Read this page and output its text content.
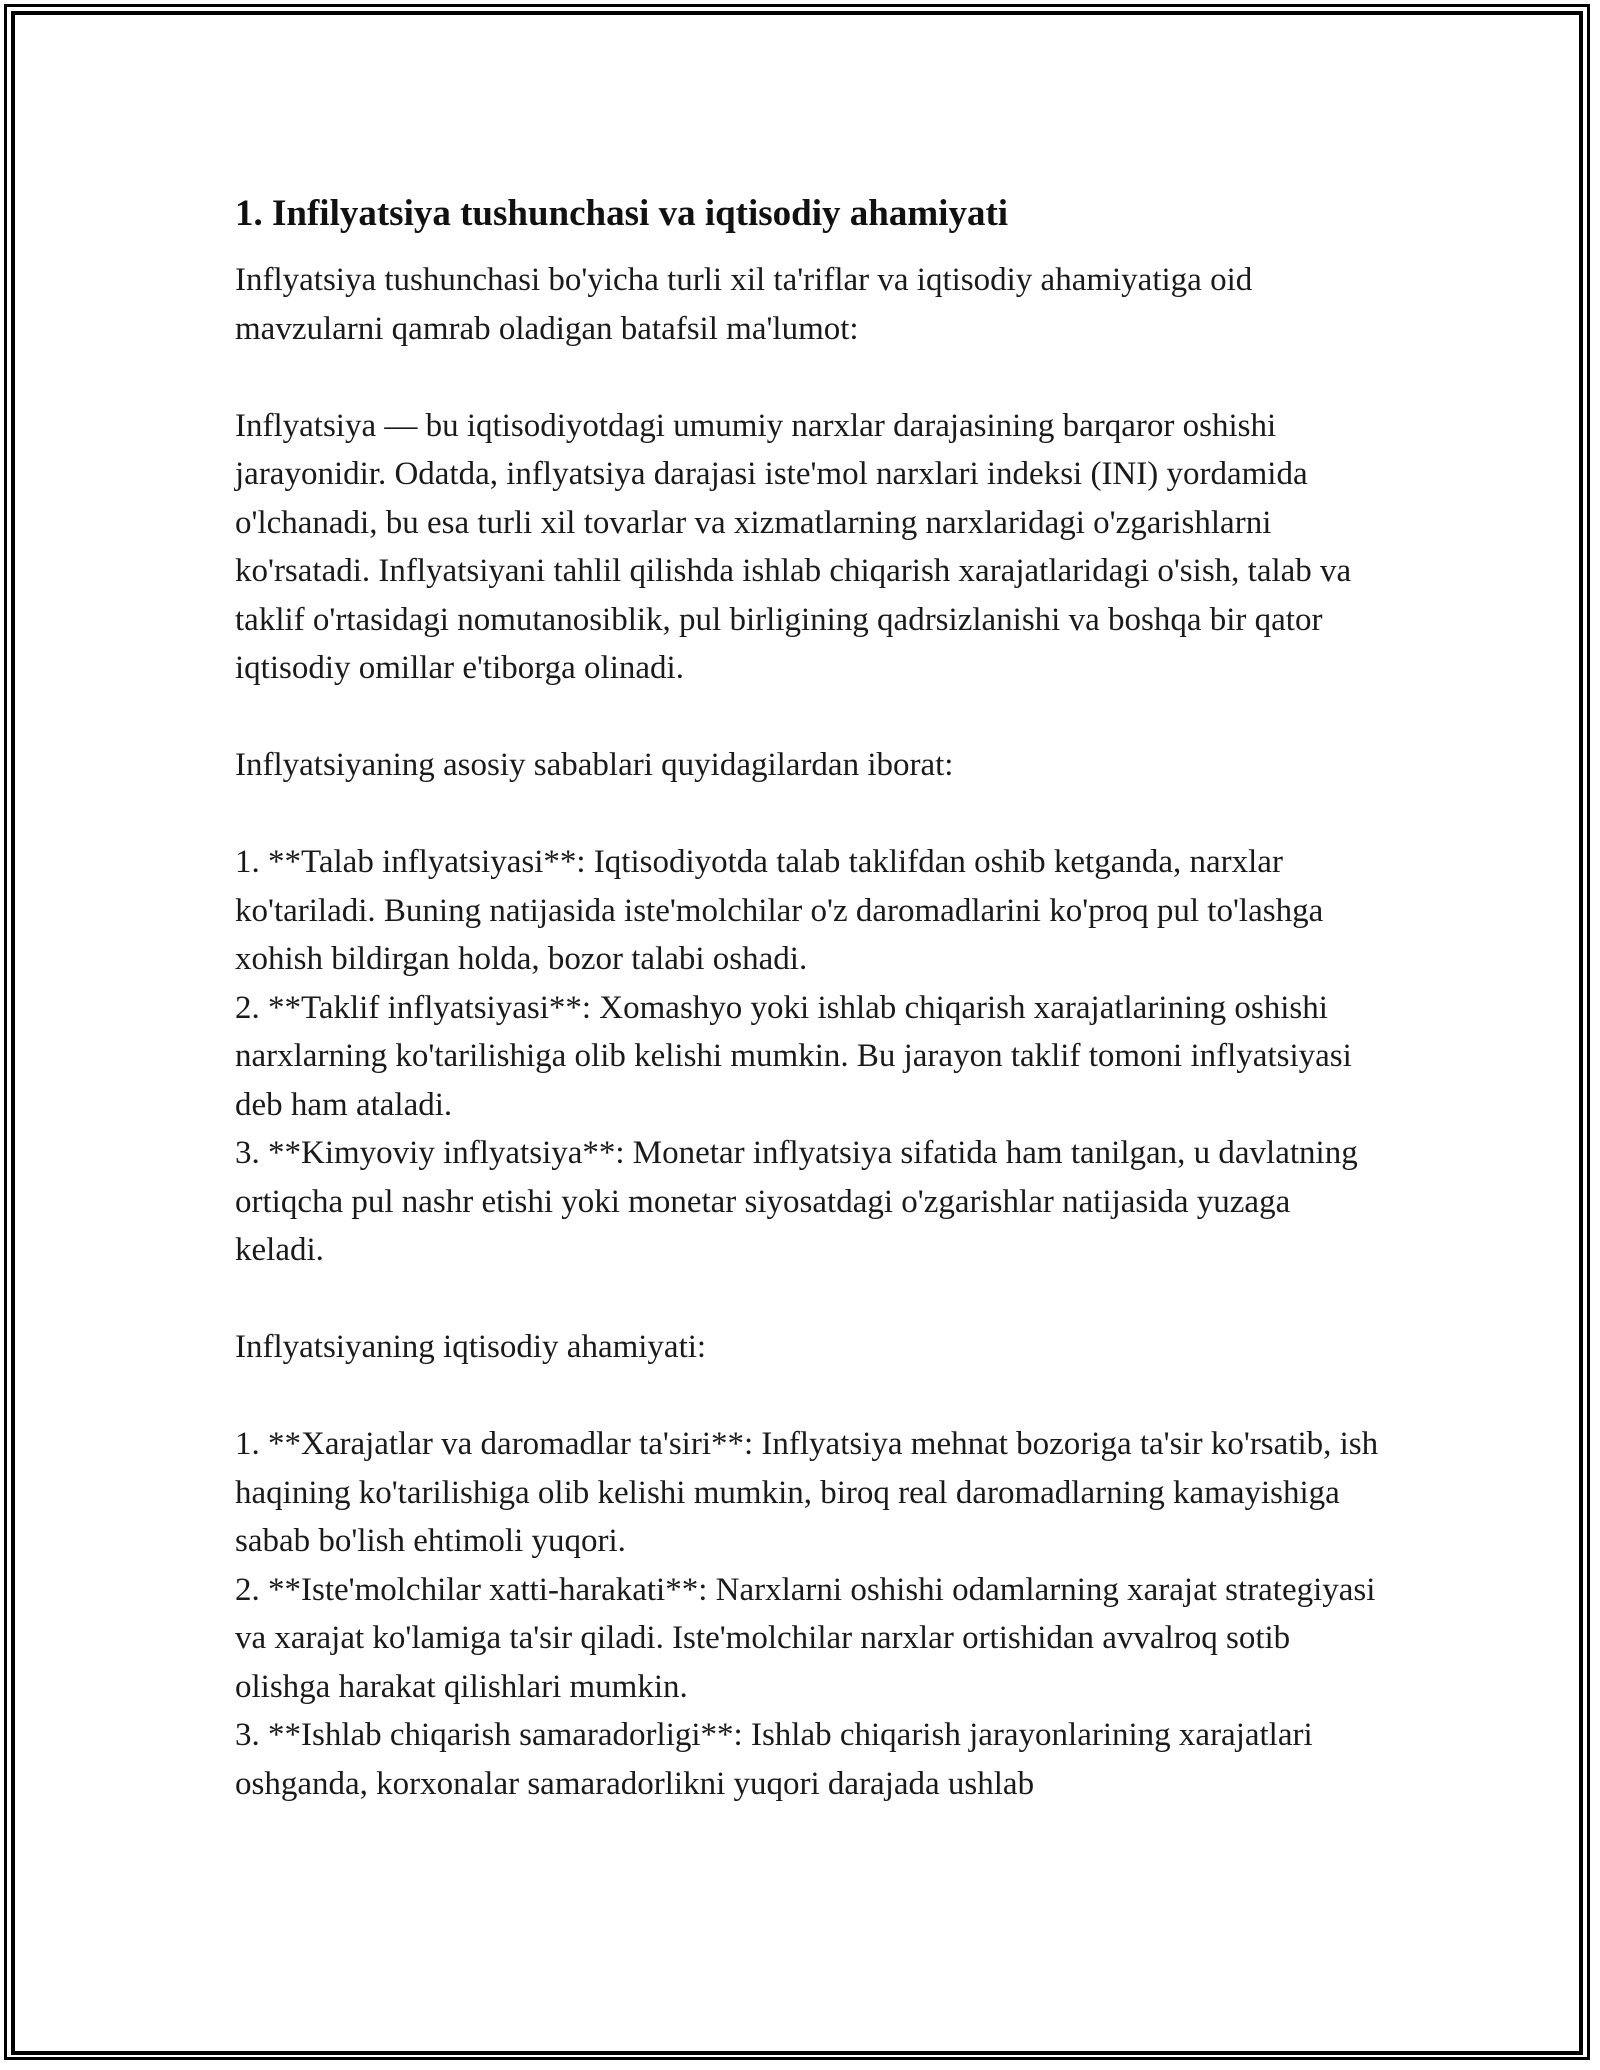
1. Infilyatsiya tushunchasi va iqtisodiy ahamiyati

Inflyatsiya tushunchasi bo'yicha turli xil ta'riflar va iqtisodiy ahamiyatiga oid mavzularni qamrab oladigan batafsil ma'lumot:

Inflyatsiya — bu iqtisodiyotdagi umumiy narxlar darajasining barqaror oshishi jarayonidir. Odatda, inflyatsiya darajasi iste'mol narxlari indeksi (INI) yordamida o'lchanadi, bu esa turli xil tovarlar va xizmatlarning narxlaridagi o'zgarishlarni ko'rsatadi. Inflyatsiyani tahlil qilishda ishlab chiqarish xarajatlaridagi o'sish, talab va taklif o'rtasidagi nomutanosiblik, pul birligining qadrsizlanishi va boshqa bir qator iqtisodiy omillar e'tiborga olinadi.

Inflyatsiyaning asosiy sabablari quyidagilardan iborat:

1. **Talab inflyatsiyasi**: Iqtisodiyotda talab taklifdan oshib ketganda, narxlar ko'tariladi. Buning natijasida iste'molchilar o'z daromadlarini ko'proq pul to'lashga xohish bildirgan holda, bozor talabi oshadi.
2. **Taklif inflyatsiyasi**: Xomashyo yoki ishlab chiqarish xarajatlarining oshishi narxlarning ko'tarilishiga olib kelishi mumkin. Bu jarayon taklif tomoni inflyatsiyasi deb ham ataladi.
3. **Kimyoviy inflyatsiya**: Monetar inflyatsiya sifatida ham tanilgan, u davlatning ortiqcha pul nashr etishi yoki monetar siyosatdagi o'zgarishlar natijasida yuzaga keladi.

Inflyatsiyaning iqtisodiy ahamiyati:

1. **Xarajatlar va daromadlar ta'siri**: Inflyatsiya mehnat bozoriga ta'sir ko'rsatib, ish haqining ko'tarilishiga olib kelishi mumkin, biroq real daromadlarning kamayishiga sabab bo'lish ehtimoli yuqori.
2. **Iste'molchilar xatti-harakati**: Narxlarni oshishi odamlarning xarajat strategiyasi va xarajat ko'lamiga ta'sir qiladi. Iste'molchilar narxlar ortishidan avvalroq sotib olishga harakat qilishlari mumkin.
3. **Ishlab chiqarish samaradorligi**: Ishlab chiqarish jarayonlarining xarajatlari oshganda, korxonalar samaradorlikni yuqori darajada ushlab
